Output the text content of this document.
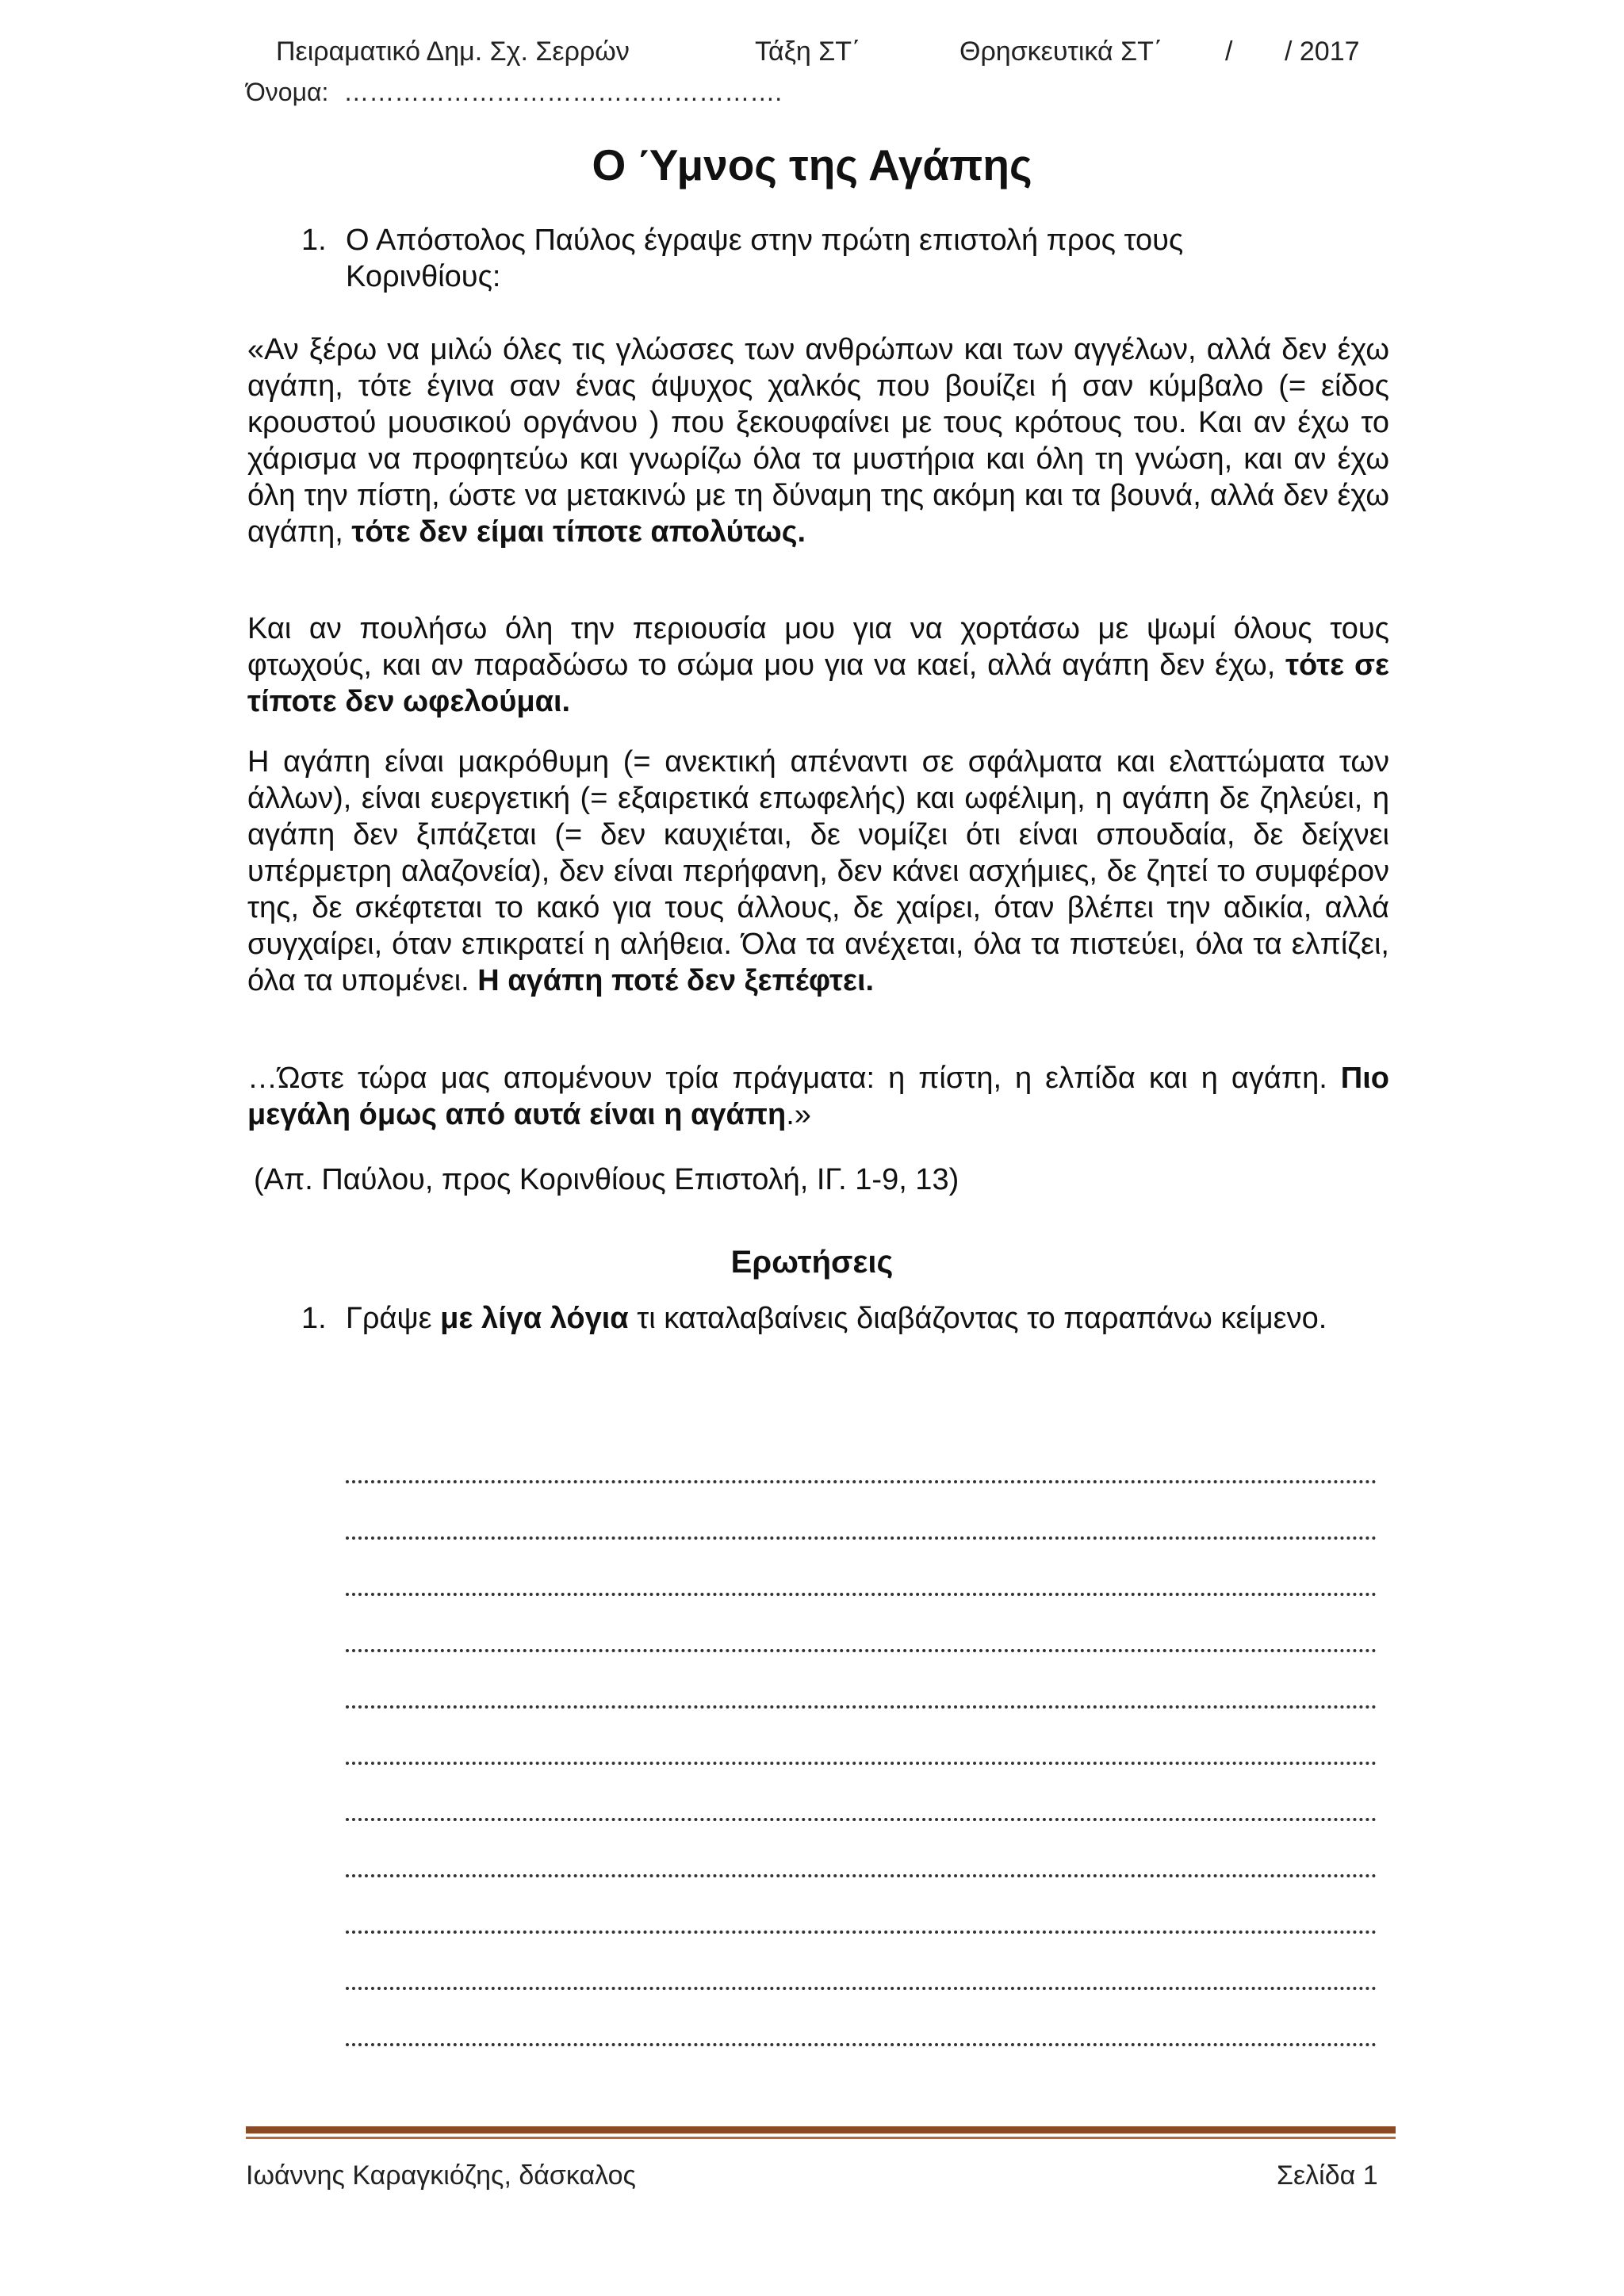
Πειραματικό Δημ. Σχ. Σερρών	Τάξη ΣΤ΄	Θρησκευτικά ΣΤ΄ / / 2017
Όνομα: …………………………………………….
Ο Ύμνος της Αγάπης
1. Ο Απόστολος Παύλος έγραψε στην πρώτη επιστολή προς τους Κορινθίους:
«Αν ξέρω να μιλώ όλες τις γλώσσες των ανθρώπων και των αγγέλων, αλλά δεν έχω αγάπη, τότε έγινα σαν ένας άψυχος χαλκός που βουίζει ή σαν κύμβαλο (= είδος κρουστού μουσικού οργάνου ) που ξεκουφαίνει με τους κρότους του. Και αν έχω το χάρισμα να προφητεύω και γνωρίζω όλα τα μυστήρια και όλη τη γνώση, και αν έχω όλη την πίστη, ώστε να μετακινώ με τη δύναμη της ακόμη και τα βουνά, αλλά δεν έχω αγάπη, τότε δεν είμαι τίποτε απολύτως.
Και αν πουλήσω όλη την περιουσία μου για να χορτάσω με ψωμί όλους τους φτωχούς, και αν παραδώσω το σώμα μου για να καεί, αλλά αγάπη δεν έχω, τότε σε τίποτε δεν ωφελούμαι.
Η αγάπη είναι μακρόθυμη (= ανεκτική απέναντι σε σφάλματα και ελαττώματα των άλλων), είναι ευεργετική (= εξαιρετικά επωφελής) και ωφέλιμη, η αγάπη δε ζηλεύει, η αγάπη δεν ξιπάζεται (= δεν καυχιέται, δε νομίζει ότι είναι σπουδαία, δε δείχνει υπέρμετρη αλαζονεία), δεν είναι περήφανη, δεν κάνει ασχήμιες, δε ζητεί το συμφέρον της, δε σκέφτεται το κακό για τους άλλους, δε χαίρει, όταν βλέπει την αδικία, αλλά συγχαίρει, όταν επικρατεί η αλήθεια. Όλα τα ανέχεται, όλα τα πιστεύει, όλα τα ελπίζει, όλα τα υπομένει. Η αγάπη ποτέ δεν ξεπέφτει.
…Ώστε τώρα μας απομένουν τρία πράγματα: η πίστη, η ελπίδα και η αγάπη. Πιο μεγάλη όμως από αυτά είναι η αγάπη.»
(Απ. Παύλου, προς Κορινθίους Επιστολή, ΙΓ. 1-9, 13)
Ερωτήσεις
1. Γράψε με λίγα λόγια τι καταλαβαίνεις διαβάζοντας το παραπάνω κείμενο.
Ιωάννης Καραγκιόζης, δάσκαλος	Σελίδα 1
